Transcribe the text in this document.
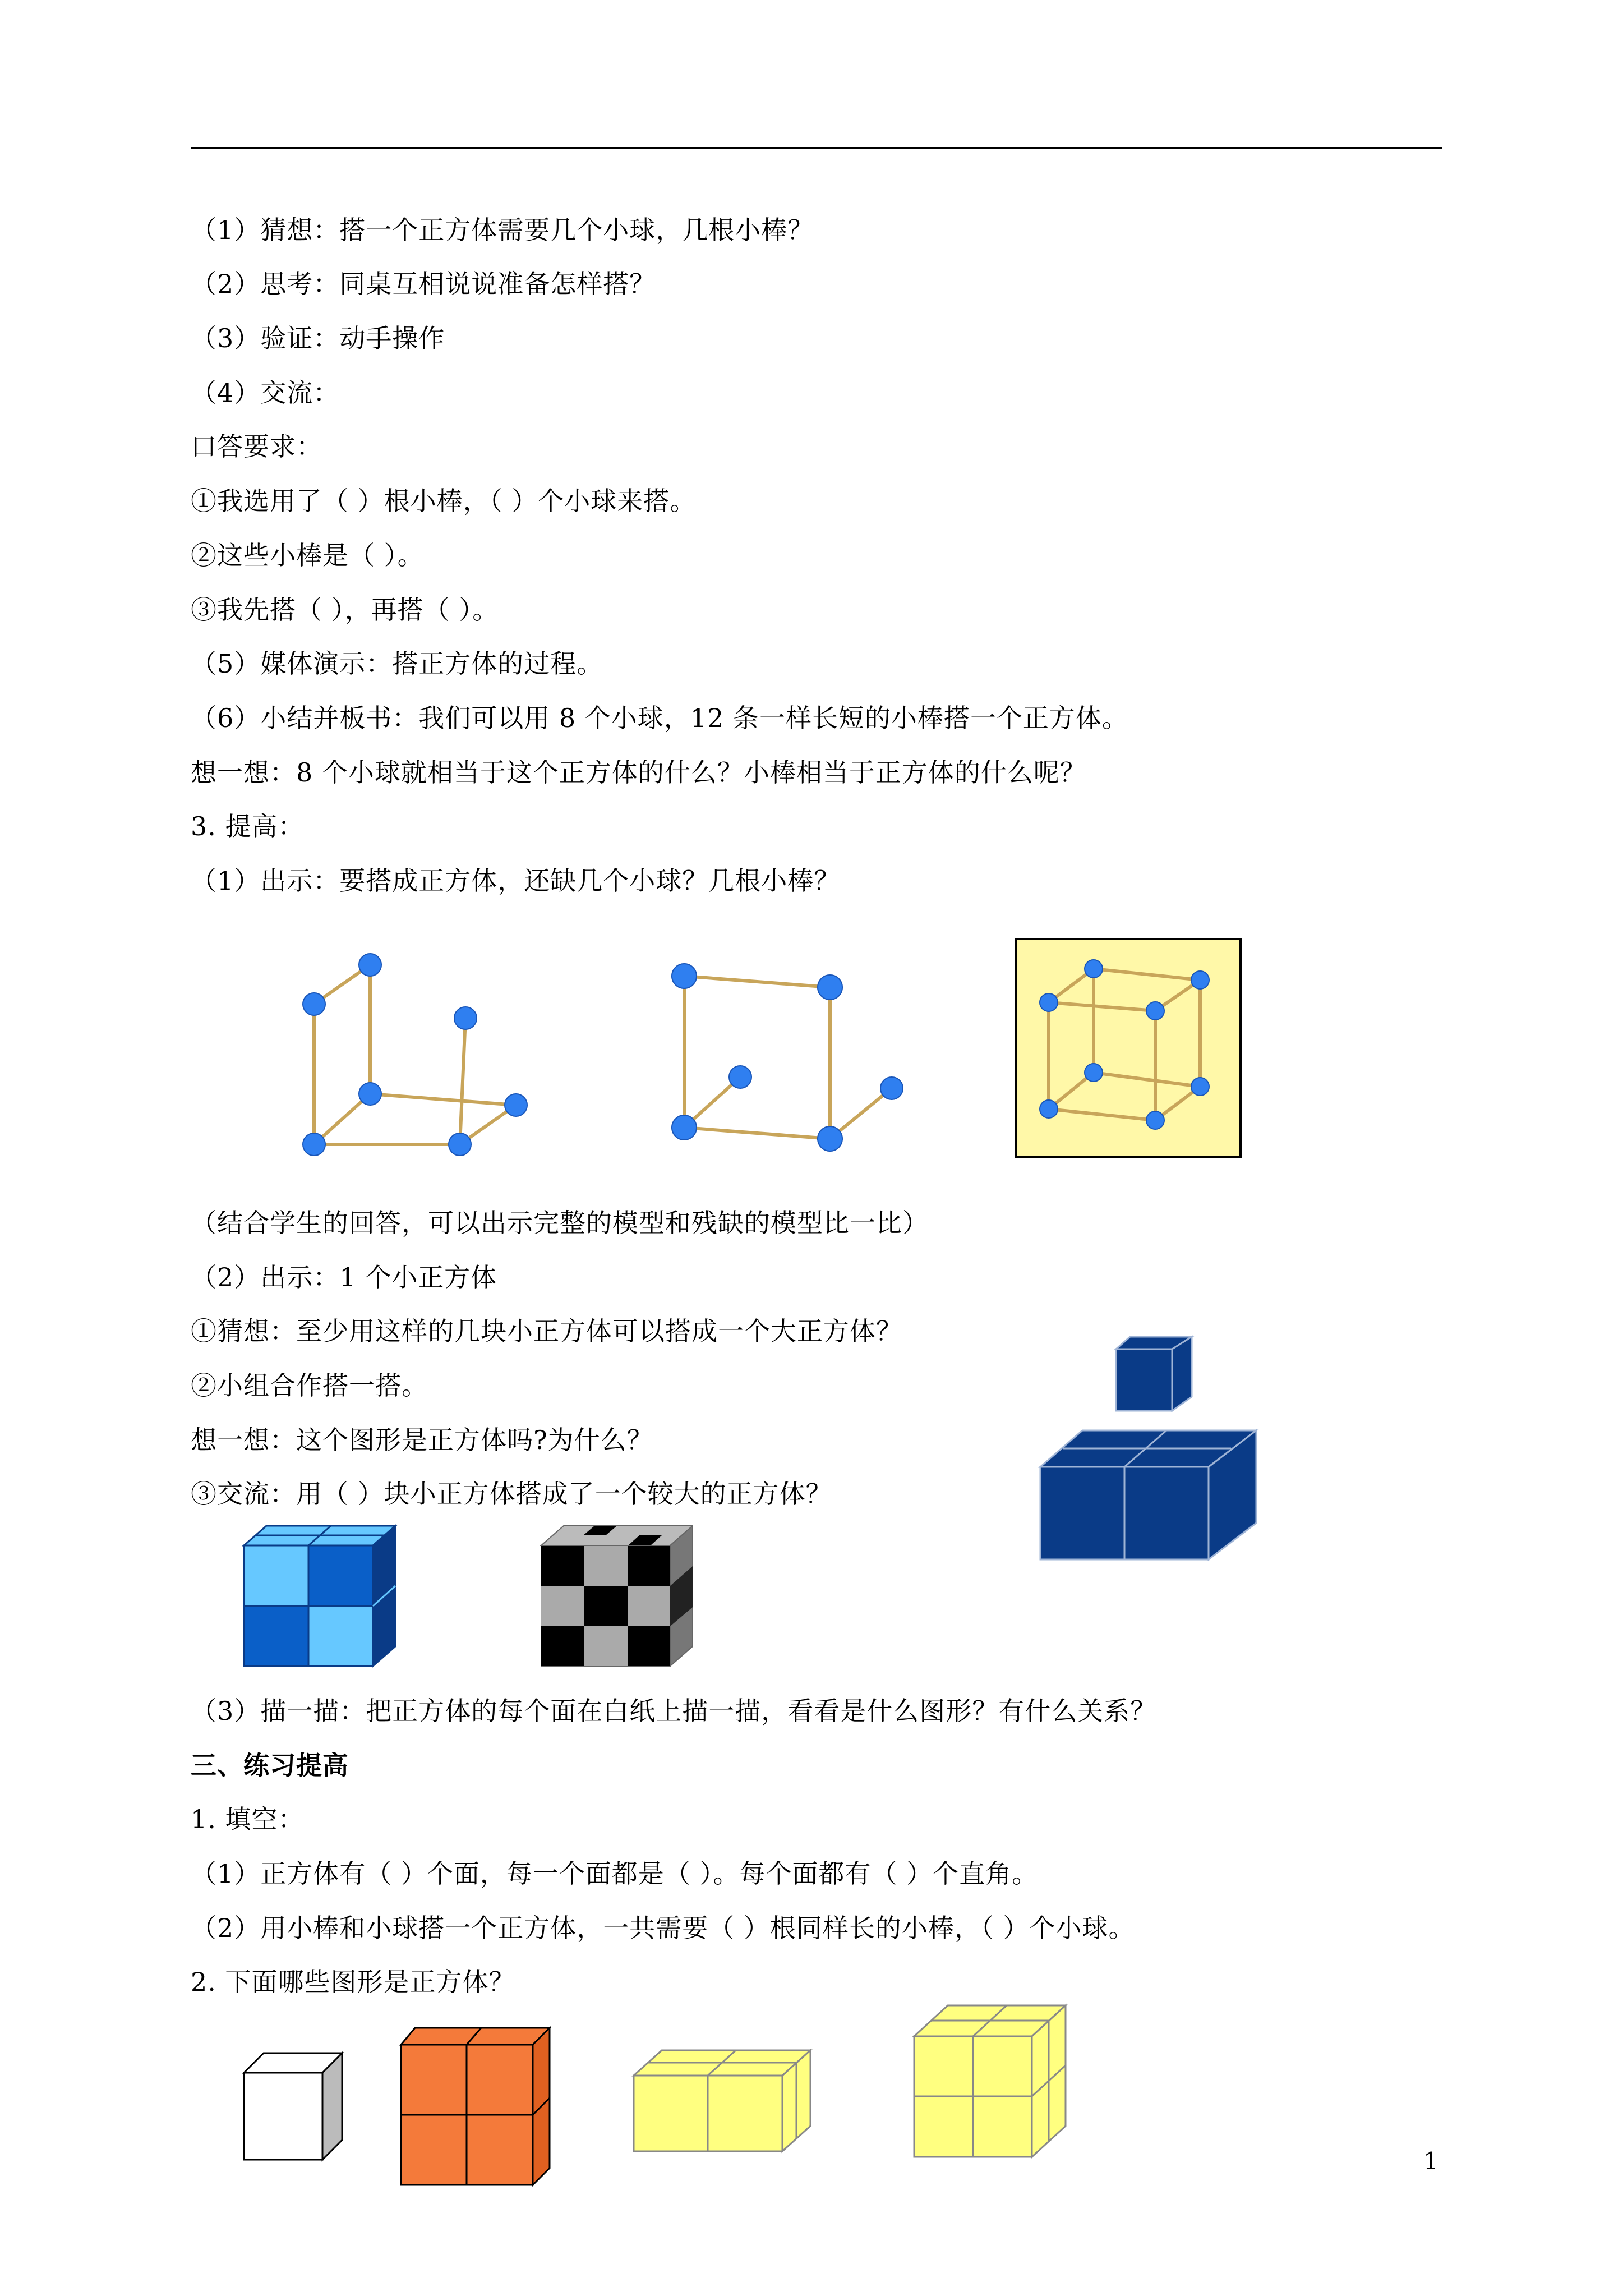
（1）猜想：搭一个正方体需要几个小球，几根小棒？
（2）思考：同桌互相说说准备怎样搭？
（3）验证：动手操作
（4）交流：
口答要求：
①我选用了（ ）根小棒，（ ）个小球来搭。
②这些小棒是（ ）。
③我先搭（ ），再搭（ ）。
（5）媒体演示：搭正方体的过程。
（6）小结并板书：我们可以用 8 个小球，12 条一样长短的小棒搭一个正方体。
想一想：8 个小球就相当于这个正方体的什么？小棒相当于正方体的什么呢？
3. 提高：
（1）出示：要搭成正方体，还缺几个小球？几根小棒？
（结合学生的回答，可以出示完整的模型和残缺的模型比一比）
（2）出示：1 个小正方体
①猜想：至少用这样的几块小正方体可以搭成一个大正方体？
②小组合作搭一搭。
想一想：这个图形是正方体吗?为什么？
③交流：用（ ）块小正方体搭成了一个较大的正方体？
（3）描一描：把正方体的每个面在白纸上描一描，看看是什么图形？有什么关系？
三、练习提高
1. 填空：
（1）正方体有（ ）个面，每一个面都是（ ）。每个面都有（ ）个直角。
（2）用小棒和小球搭一个正方体，一共需要（ ）根同样长的小棒，（ ）个小球。
2. 下面哪些图形是正方体？
1
